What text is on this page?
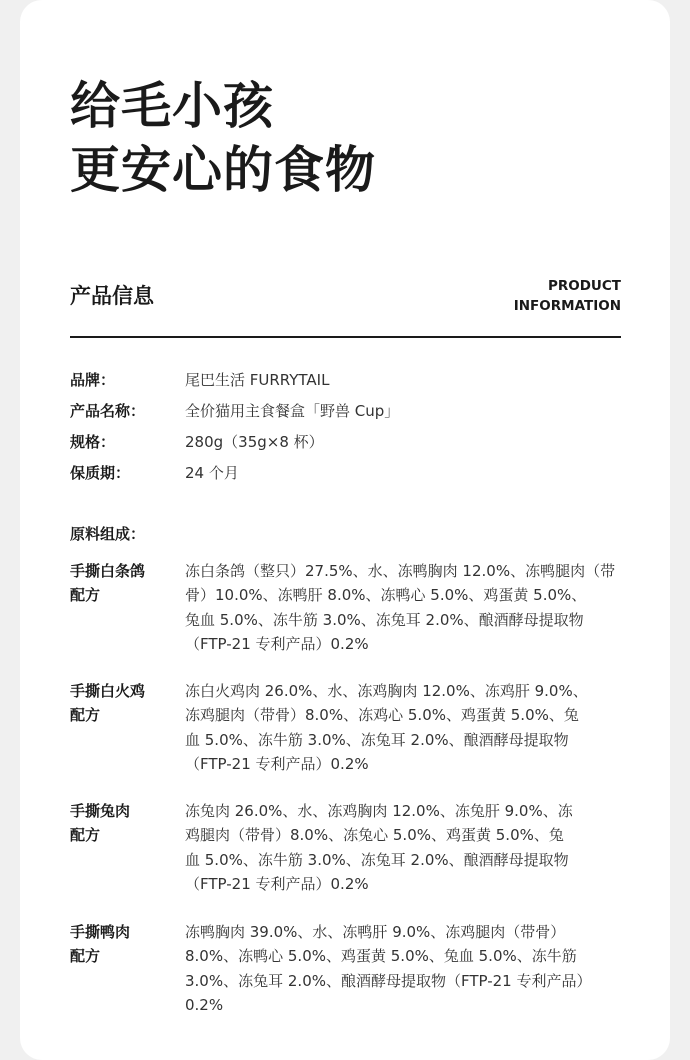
给毛小孩
更安心的食物
产品信息	PRODUCT
INFORMATION
品牌：	尾巴生活 FURRYTAIL
产品名称：	全价猫用主食餐盒「野兽 Cup」
规格：	280g（35g×8 杯）
保质期：	24 个月
原料组成：
手撕白条鸽
配方
冻白条鸽（整只）27.5%、水、冻鸭胸肉 12.0%、冻鸭腿肉（带
骨）10.0%、冻鸭肝 8.0%、冻鸭心 5.0%、鸡蛋黄 5.0%、
兔血 5.0%、冻牛筋 3.0%、冻兔耳 2.0%、酿酒酵母提取物
（FTP-21 专利产品）0.2%
手撕白火鸡
配方
冻白火鸡肉 26.0%、水、冻鸡胸肉 12.0%、冻鸡肝 9.0%、
冻鸡腿肉（带骨）8.0%、冻鸡心 5.0%、鸡蛋黄 5.0%、兔
血 5.0%、冻牛筋 3.0%、冻兔耳 2.0%、酿酒酵母提取物
（FTP-21 专利产品）0.2%
手撕兔肉
配方
冻兔肉 26.0%、水、冻鸡胸肉 12.0%、冻兔肝 9.0%、冻
鸡腿肉（带骨）8.0%、冻兔心 5.0%、鸡蛋黄 5.0%、兔
血 5.0%、冻牛筋 3.0%、冻兔耳 2.0%、酿酒酵母提取物
（FTP-21 专利产品）0.2%
手撕鸭肉
配方
冻鸭胸肉 39.0%、水、冻鸭肝 9.0%、冻鸡腿肉（带骨）
8.0%、冻鸭心 5.0%、鸡蛋黄 5.0%、兔血 5.0%、冻牛筋
3.0%、冻兔耳 2.0%、酿酒酵母提取物（FTP-21 专利产品）
0.2%
